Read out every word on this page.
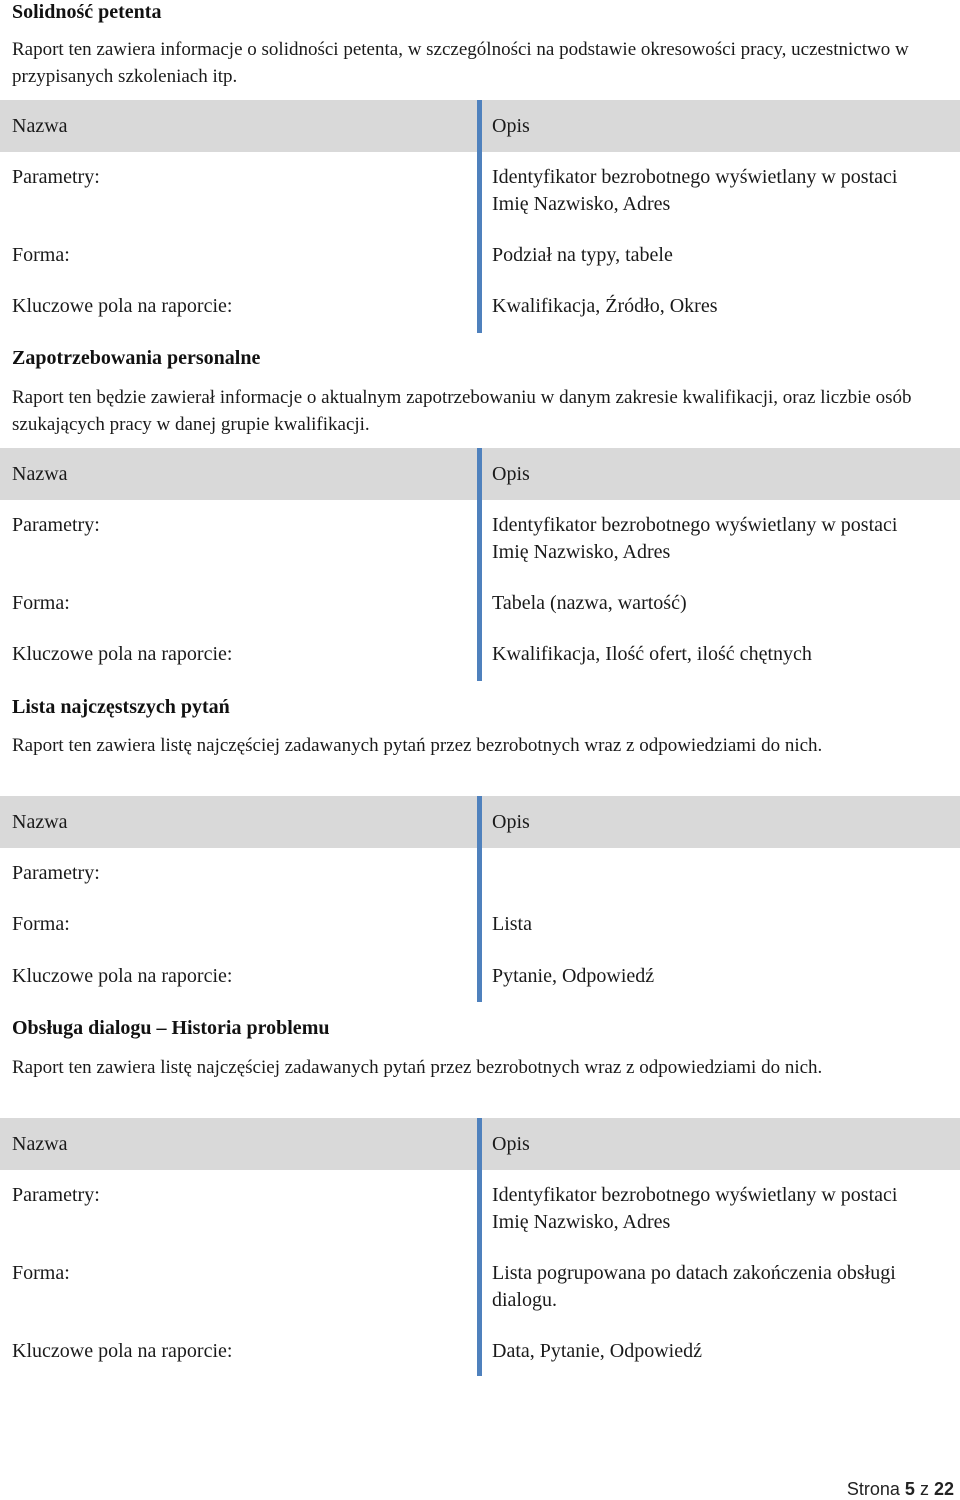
Solidność petenta
Raport ten zawiera informacje o solidności petenta, w szczególności na podstawie okresowości pracy, uczestnictwo w przypisanych szkoleniach itp.
Nazwa	Opis
Parametry:	Identyfikator bezrobotnego wyświetlany w postaci Imię Nazwisko, Adres
Forma:	Podział na typy, tabele
Kluczowe pola na raporcie:	Kwalifikacja, Źródło, Okres
Zapotrzebowania personalne
Raport ten będzie zawierał informacje o aktualnym zapotrzebowaniu w danym zakresie kwalifikacji, oraz liczbie osób szukających pracy w danej grupie kwalifikacji.
Nazwa	Opis
Parametry:	Identyfikator bezrobotnego wyświetlany w postaci Imię Nazwisko, Adres
Forma:	Tabela (nazwa, wartość)
Kluczowe pola na raporcie:	Kwalifikacja, Ilość ofert, ilość chętnych
Lista najczęstszych pytań
Raport ten zawiera listę najczęściej zadawanych pytań przez bezrobotnych wraz z odpowiedziami do nich.
Nazwa	Opis
Parametry:
Forma:	Lista
Kluczowe pola na raporcie:	Pytanie, Odpowiedź
Obsługa dialogu – Historia problemu
Raport ten zawiera listę najczęściej zadawanych pytań przez bezrobotnych wraz z odpowiedziami do nich.
Nazwa	Opis
Parametry:	Identyfikator bezrobotnego wyświetlany w postaci Imię Nazwisko, Adres
Forma:	Lista pogrupowana po datach zakończenia obsługi dialogu.
Kluczowe pola na raporcie:	Data, Pytanie, Odpowiedź
Strona 5 z 22
